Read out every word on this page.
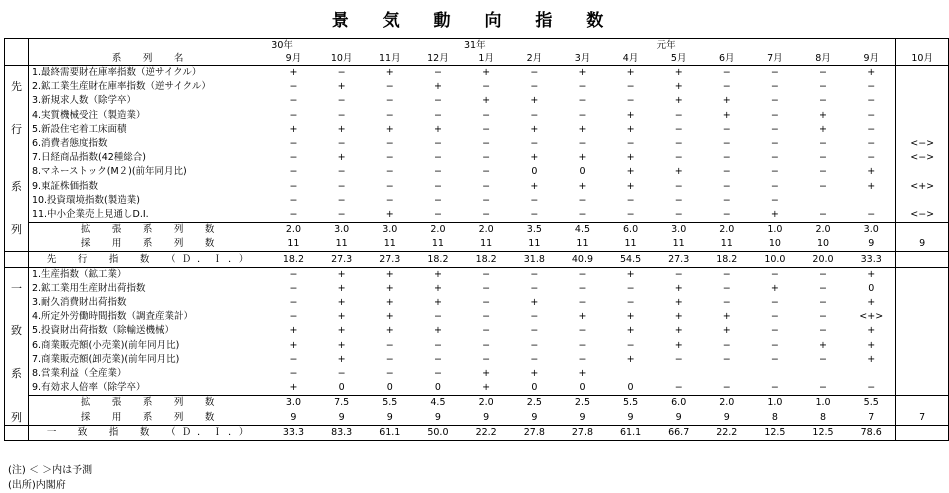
景 気 動 向 指 数
		30年				31年				元年					
	系　列　名	9月	10月	11月	12月	1月	2月	3月	4月	5月	6月	7月	8月	9月	10月
	1.最終需要財在庫率指数（逆サイクル）	+	−	+	−	+	−	+	+	+	−	−	−	+	
先	2.鉱工業生産財在庫率指数（逆サイクル）	−	+	−	+	−	−	−	−	+	−	−	−	−	
	3.新規求人数（除学卒）	−	−	−	−	+	+	−	−	+	+	−	−	−	
	4.実質機械受注（製造業）	−	−	−	−	−	−	−	+	−	+	−	+	−	
行	5.新設住宅着工床面積	+	+	+	+	−	+	+	+	−	−	−	+	−	
	6.消費者態度指数	−	−	−	−	−	−	−	−	−	−	−	−	−	<−>
	7.日経商品指数(42種総合)	−	+	−	−	−	+	+	+	−	−	−	−	−	<−>
	8.マネーストック(M２)(前年同月比)	−	−	−	−	−	0	0	+	+	−	−	−	+	
系	9.東証株価指数	−	−	−	−	−	+	+	+	−	−	−	−	+	<+>
	10.投資環境指数(製造業)	−	−	−	−	−	−	−	−	−	−	−			
	11.中小企業売上見通しD.I.	−	−	+	−	−	−	−	−	−	−	+	−	−	<−>
列	拡　張　系　列　数	2.0	3.0	3.0	2.0	2.0	3.5	4.5	6.0	3.0	2.0	1.0	2.0	3.0	
	採　用　系　列　数	11	11	11	11	11	11	11	11	11	11	10	10	9	9
	先　行　指　数　（Ｄ．Ｉ．）	18.2	27.3	27.3	18.2	18.2	31.8	40.9	54.5	27.3	18.2	10.0	20.0	33.3	
	1.生産指数（鉱工業）	−	+	+	+	−	−	−	+	−	−	−	−	+	
一	2.鉱工業用生産財出荷指数	−	+	+	+	−	−	−	−	+	−	+	−	0	
	3.耐久消費財出荷指数	−	+	+	+	−	+	−	−	+	−	−	−	+	
	4.所定外労働時間指数（調査産業計）	−	+	+	−	−	−	+	+	+	+	−	−	<+>	
致	5.投資財出荷指数（除輸送機械）	+	+	+	+	−	−	−	+	+	+	−	−	+	
	6.商業販売額(小売業)(前年同月比)	+	+	−	−	−	−	−	−	+	−	−	+	+	
	7.商業販売額(卸売業)(前年同月比)	−	+	−	−	−	−	−	+	−	−	−	−	+	
系	8.営業利益（全産業）	−	−	−	−	+	+	+							
	9.有効求人倍率（除学卒）	+	0	0	0	+	0	0	0	−	−	−	−	−	
	拡　張　系　列　数	3.0	7.5	5.5	4.5	2.0	2.5	2.5	5.5	6.0	2.0	1.0	1.0	5.5	
列	採　用　系　列　数	9	9	9	9	9	9	9	9	9	9	8	8	7	7
	一　致　指　数　（Ｄ．Ｉ．）	33.3	83.3	61.1	50.0	22.2	27.8	27.8	61.1	66.7	22.2	12.5	12.5	78.6	
(注) ＜ ＞内は予測
(出所)内閣府
